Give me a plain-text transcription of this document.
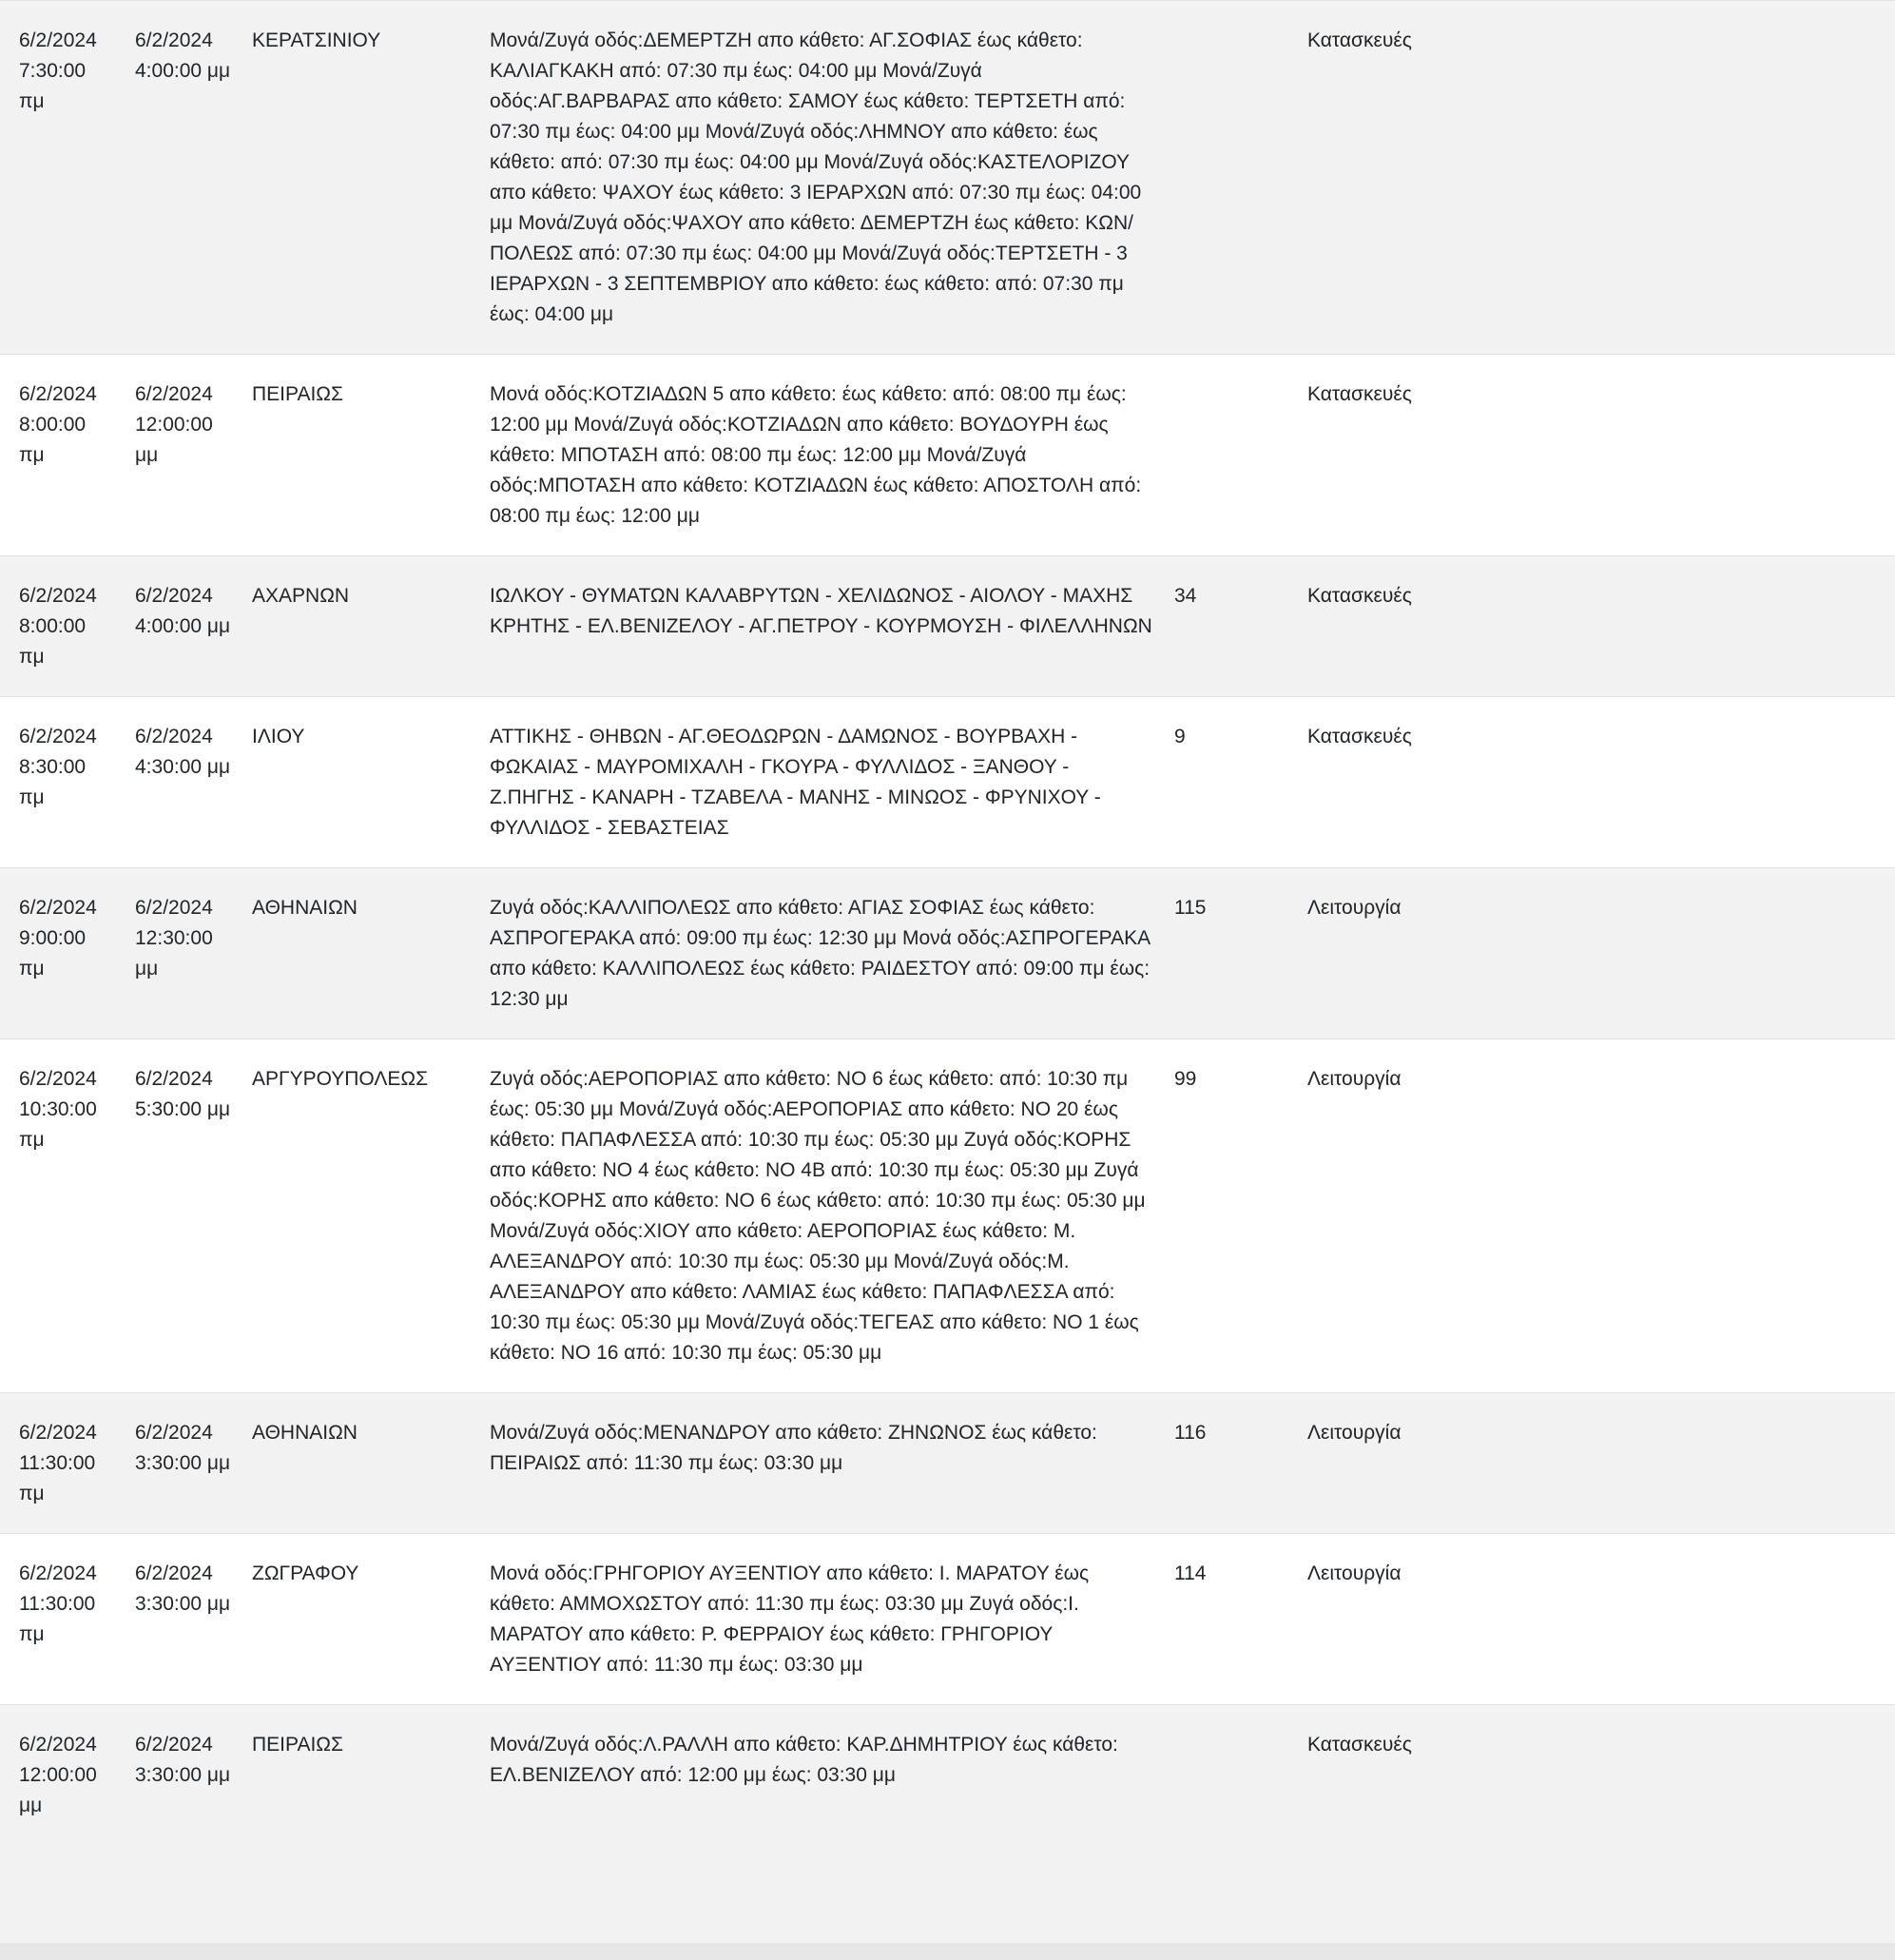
6/2/2024 7:30:00 πμ	6/2/2024 4:00:00 μμ	ΚΕΡΑΤΣΙΝΙΟΥ	Μονά/Ζυγά οδός:ΔΕΜΕΡΤΖΗ απο κάθετο: ΑΓ.ΣΟΦΙΑΣ έως κάθετο: ΚΑΛΙΑΓΚΑΚΗ από: 07:30 πμ έως: 04:00 μμ Μονά/Ζυγά οδός:ΑΓ.ΒΑΡΒΑΡΑΣ απο κάθετο: ΣΑΜΟΥ έως κάθετο: ΤΕΡΤΣΕΤΗ από: 07:30 πμ έως: 04:00 μμ Μονά/Ζυγά οδός:ΛΗΜΝΟΥ απο κάθετο: έως κάθετο: από: 07:30 πμ έως: 04:00 μμ Μονά/Ζυγά οδός:ΚΑΣΤΕΛΟΡΙΖΟΥ απο κάθετο: ΨΑΧΟΥ έως κάθετο: 3 ΙΕΡΑΡΧΩΝ από: 07:30 πμ έως: 04:00 μμ Μονά/Ζυγά οδός:ΨΑΧΟΥ απο κάθετο: ΔΕΜΕΡΤΖΗ έως κάθετο: ΚΩΝ/ΠΟΛΕΩΣ από: 07:30 πμ έως: 04:00 μμ Μονά/Ζυγά οδός:ΤΕΡΤΣΕΤΗ - 3 ΙΕΡΑΡΧΩΝ - 3 ΣΕΠΤΕΜΒΡΙΟΥ απο κάθετο: έως κάθετο: από: 07:30 πμ έως: 04:00 μμ		Κατασκευές
6/2/2024 8:00:00 πμ	6/2/2024 12:00:00 μμ	ΠΕΙΡΑΙΩΣ	Μονά οδός:ΚΟΤΖΙΑΔΩΝ 5 απο κάθετο: έως κάθετο: από: 08:00 πμ έως: 12:00 μμ Μονά/Ζυγά οδός:ΚΟΤΖΙΑΔΩΝ απο κάθετο: ΒΟΥΔΟΥΡΗ έως κάθετο: ΜΠΟΤΑΣΗ από: 08:00 πμ έως: 12:00 μμ Μονά/Ζυγά οδός:ΜΠΟΤΑΣΗ απο κάθετο: ΚΟΤΖΙΑΔΩΝ έως κάθετο: ΑΠΟΣΤΟΛΗ από: 08:00 πμ έως: 12:00 μμ		Κατασκευές
6/2/2024 8:00:00 πμ	6/2/2024 4:00:00 μμ	ΑΧΑΡΝΩΝ	ΙΩΛΚΟΥ - ΘΥΜΑΤΩΝ ΚΑΛΑΒΡΥΤΩΝ - ΧΕΛΙΔΩΝΟΣ - ΑΙΟΛΟΥ - ΜΑΧΗΣ ΚΡΗΤΗΣ - ΕΛ.ΒΕΝΙΖΕΛΟΥ - ΑΓ.ΠΕΤΡΟΥ - ΚΟΥΡΜΟΥΣΗ - ΦΙΛΕΛΛΗΝΩΝ	34	Κατασκευές
6/2/2024 8:30:00 πμ	6/2/2024 4:30:00 μμ	ΙΛΙΟΥ	ΑΤΤΙΚΗΣ - ΘΗΒΩΝ - ΑΓ.ΘΕΟΔΩΡΩΝ - ΔΑΜΩΝΟΣ - ΒΟΥΡΒΑΧΗ - ΦΩΚΑΙΑΣ - ΜΑΥΡΟΜΙΧΑΛΗ - ΓΚΟΥΡΑ - ΦΥΛΛΙΔΟΣ - ΞΑΝΘΟΥ - Ζ.ΠΗΓΗΣ - ΚΑΝΑΡΗ - ΤΖΑΒΕΛΑ - ΜΑΝΗΣ - ΜΙΝΩΟΣ - ΦΡΥΝΙΧΟΥ - ΦΥΛΛΙΔΟΣ - ΣΕΒΑΣΤΕΙΑΣ	9	Κατασκευές
6/2/2024 9:00:00 πμ	6/2/2024 12:30:00 μμ	ΑΘΗΝΑΙΩΝ	Ζυγά οδός:ΚΑΛΛΙΠΟΛΕΩΣ απο κάθετο: ΑΓΙΑΣ ΣΟΦΙΑΣ έως κάθετο: ΑΣΠΡΟΓΕΡΑΚΑ από: 09:00 πμ έως: 12:30 μμ Μονά οδός:ΑΣΠΡΟΓΕΡΑΚΑ απο κάθετο: ΚΑΛΛΙΠΟΛΕΩΣ έως κάθετο: ΡΑΙΔΕΣΤΟΥ από: 09:00 πμ έως: 12:30 μμ	115	Λειτουργία
6/2/2024 10:30:00 πμ	6/2/2024 5:30:00 μμ	ΑΡΓΥΡΟΥΠΟΛΕΩΣ	Ζυγά οδός:ΑΕΡΟΠΟΡΙΑΣ απο κάθετο: ΝΟ 6 έως κάθετο: από: 10:30 πμ έως: 05:30 μμ Μονά/Ζυγά οδός:ΑΕΡΟΠΟΡΙΑΣ απο κάθετο: ΝΟ 20 έως κάθετο: ΠΑΠΑΦΛΕΣΣΑ από: 10:30 πμ έως: 05:30 μμ Ζυγά οδός:ΚΟΡΗΣ απο κάθετο: ΝΟ 4 έως κάθετο: ΝΟ 4Β από: 10:30 πμ έως: 05:30 μμ Ζυγά οδός:ΚΟΡΗΣ απο κάθετο: ΝΟ 6 έως κάθετο: από: 10:30 πμ έως: 05:30 μμ Μονά/Ζυγά οδός:ΧΙΟΥ απο κάθετο: ΑΕΡΟΠΟΡΙΑΣ έως κάθετο: Μ. ΑΛΕΞΑΝΔΡΟΥ από: 10:30 πμ έως: 05:30 μμ Μονά/Ζυγά οδός:Μ. ΑΛΕΞΑΝΔΡΟΥ απο κάθετο: ΛΑΜΙΑΣ έως κάθετο: ΠΑΠΑΦΛΕΣΣΑ από: 10:30 πμ έως: 05:30 μμ Μονά/Ζυγά οδός:ΤΕΓΕΑΣ απο κάθετο: ΝΟ 1 έως κάθετο: ΝΟ 16 από: 10:30 πμ έως: 05:30 μμ	99	Λειτουργία
6/2/2024 11:30:00 πμ	6/2/2024 3:30:00 μμ	ΑΘΗΝΑΙΩΝ	Μονά/Ζυγά οδός:ΜΕΝΑΝΔΡΟΥ απο κάθετο: ΖΗΝΩΝΟΣ έως κάθετο: ΠΕΙΡΑΙΩΣ από: 11:30 πμ έως: 03:30 μμ	116	Λειτουργία
6/2/2024 11:30:00 πμ	6/2/2024 3:30:00 μμ	ΖΩΓΡΑΦΟΥ	Μονά οδός:ΓΡΗΓΟΡΙΟΥ ΑΥΞΕΝΤΙΟΥ απο κάθετο: Ι. ΜΑΡΑΤΟΥ έως κάθετο: ΑΜΜΟΧΩΣΤΟΥ από: 11:30 πμ έως: 03:30 μμ Ζυγά οδός:Ι. ΜΑΡΑΤΟΥ απο κάθετο: Ρ. ΦΕΡΡΑΙΟΥ έως κάθετο: ΓΡΗΓΟΡΙΟΥ ΑΥΞΕΝΤΙΟΥ από: 11:30 πμ έως: 03:30 μμ	114	Λειτουργία
6/2/2024 12:00:00 μμ	6/2/2024 3:30:00 μμ	ΠΕΙΡΑΙΩΣ	Μονά/Ζυγά οδός:Λ.ΡΑΛΛΗ απο κάθετο: ΚΑΡ.ΔΗΜΗΤΡΙΟΥ έως κάθετο: ΕΛ.ΒΕΝΙΖΕΛΟΥ από: 12:00 μμ έως: 03:30 μμ		Κατασκευές
